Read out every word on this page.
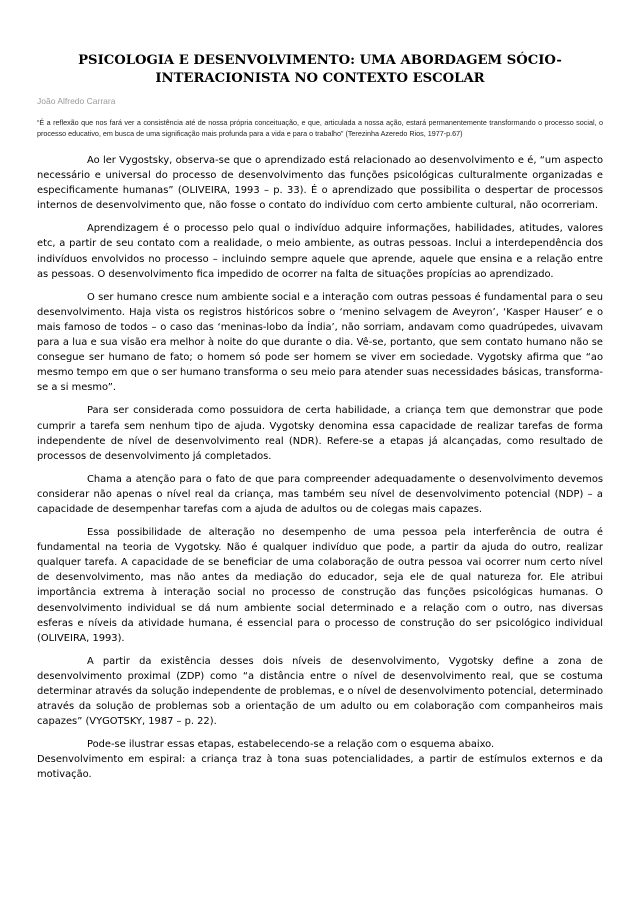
PSICOLOGIA E DESENVOLVIMENTO: UMA ABORDAGEM SÓCIO-INTERACIONISTA NO CONTEXTO ESCOLAR
João Alfredo Carrara
“É a reflexão que nos fará ver a consistência até de nossa própria conceituação, e que, articulada a nossa ação, estará permanentemente transformando o processo social, o processo educativo, em busca de uma significação mais profunda para a vida e para o trabalho” (Terezinha Azeredo Rios, 1977-p.67)

Ao ler Vygostsky, observa-se que o aprendizado está relacionado ao desenvolvimento e é, “um aspecto necessário e universal do processo de desenvolvimento das funções psicológicas culturalmente organizadas e especificamente humanas” (OLIVEIRA, 1993 – p. 33). É o aprendizado que possibilita o despertar de processos internos de desenvolvimento que, não fosse o contato do indivíduo com certo ambiente cultural, não ocorreriam.

Aprendizagem é o processo pelo qual o indivíduo adquire informações, habilidades, atitudes, valores etc, a partir de seu contato com a realidade, o meio ambiente, as outras pessoas. Inclui a interdependência dos indivíduos envolvidos no processo – incluindo sempre aquele que aprende, aquele que ensina e a relação entre as pessoas. O desenvolvimento fica impedido de ocorrer na falta de situações propícias ao aprendizado.

O ser humano cresce num ambiente social e a interação com outras pessoas é fundamental para o seu desenvolvimento. Haja vista os registros históricos sobre o ‘menino selvagem de Aveyron’, ‘Kasper Hauser’ e o mais famoso de todos – o caso das ‘meninas-lobo da Índia’, não sorriam, andavam como quadrúpedes, uivavam para a lua e sua visão era melhor à noite do que durante o dia. Vê-se, portanto, que sem contato humano não se consegue ser humano de fato; o homem só pode ser homem se viver em sociedade. Vygotsky afirma que “ao mesmo tempo em que o ser humano transforma o seu meio para atender suas necessidades básicas, transforma-se a si mesmo”.

Para ser considerada como possuidora de certa habilidade, a criança tem que demonstrar que pode cumprir a tarefa sem nenhum tipo de ajuda. Vygotsky denomina essa capacidade de realizar tarefas de forma independente de nível de desenvolvimento real (NDR). Refere-se a etapas já alcançadas, como resultado de processos de desenvolvimento já completados.

Chama a atenção para o fato de que para compreender adequadamente o desenvolvimento devemos considerar não apenas o nível real da criança, mas também seu nível de desenvolvimento potencial (NDP) – a capacidade de desempenhar tarefas com a ajuda de adultos ou de colegas mais capazes.

Essa possibilidade de alteração no desempenho de uma pessoa pela interferência de outra é fundamental na teoria de Vygotsky. Não é qualquer indivíduo que pode, a partir da ajuda do outro, realizar qualquer tarefa. A capacidade de se beneficiar de uma colaboração de outra pessoa vai ocorrer num certo nível de desenvolvimento, mas não antes da mediação do educador, seja ele de qual natureza for. Ele atribui importância extrema à interação social no processo de construção das funções psicológicas humanas. O desenvolvimento individual se dá num ambiente social determinado e a relação com o outro, nas diversas esferas e níveis da atividade humana, é essencial para o processo de construção do ser psicológico individual (OLIVEIRA, 1993).

A partir da existência desses dois níveis de desenvolvimento, Vygotsky define a zona de desenvolvimento proximal (ZDP) como “a distância entre o nível de desenvolvimento real, que se costuma determinar através da solução independente de problemas, e o nível de desenvolvimento potencial, determinado através da solução de problemas sob a orientação de um adulto ou em colaboração com companheiros mais capazes” (VYGOTSKY, 1987 – p. 22).

Pode-se ilustrar essas etapas, estabelecendo-se a relação com o esquema abaixo.

Desenvolvimento em espiral: a criança traz à tona suas potencialidades, a partir de estímulos externos e da motivação.
